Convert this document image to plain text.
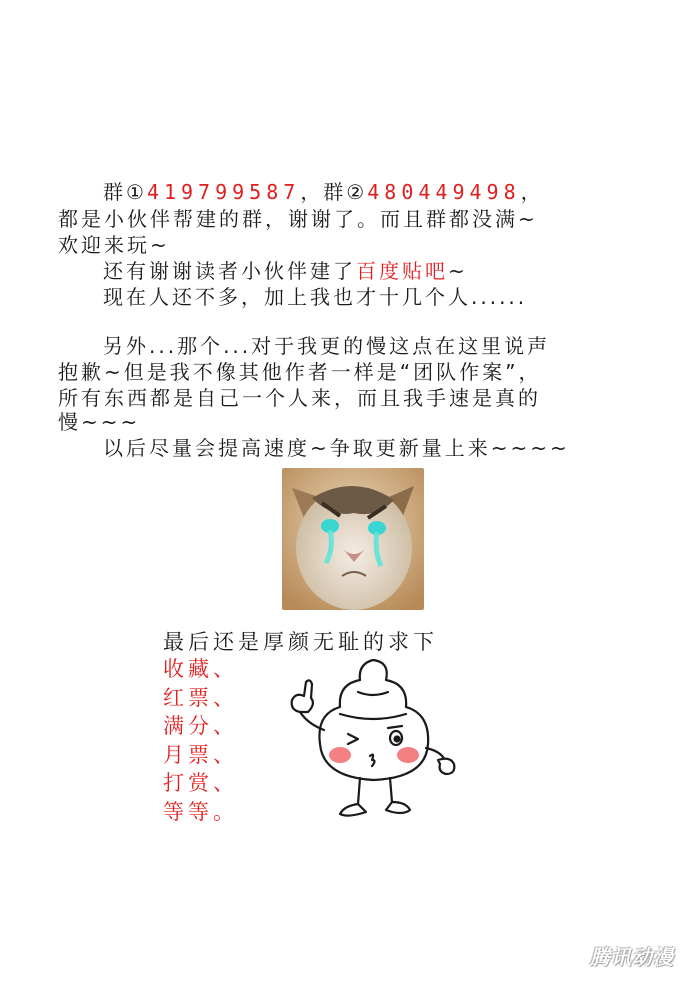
群①419799587，群②480449498，
都是小伙伴帮建的群，谢谢了。而且群都没满~
欢迎来玩~
还有谢谢读者小伙伴建了百度贴吧~
现在人还不多，加上我也才十几个人......
另外...那个...对于我更的慢这点在这里说声
抱歉~但是我不像其他作者一样是“团队作案”，
所有东西都是自己一个人来，而且我手速是真的
慢~~~
以后尽量会提高速度~争取更新量上来~~~~
最后还是厚颜无耻的求下
收藏、
红票、
满分、
月票、
打赏、
等等。
腾讯动漫
